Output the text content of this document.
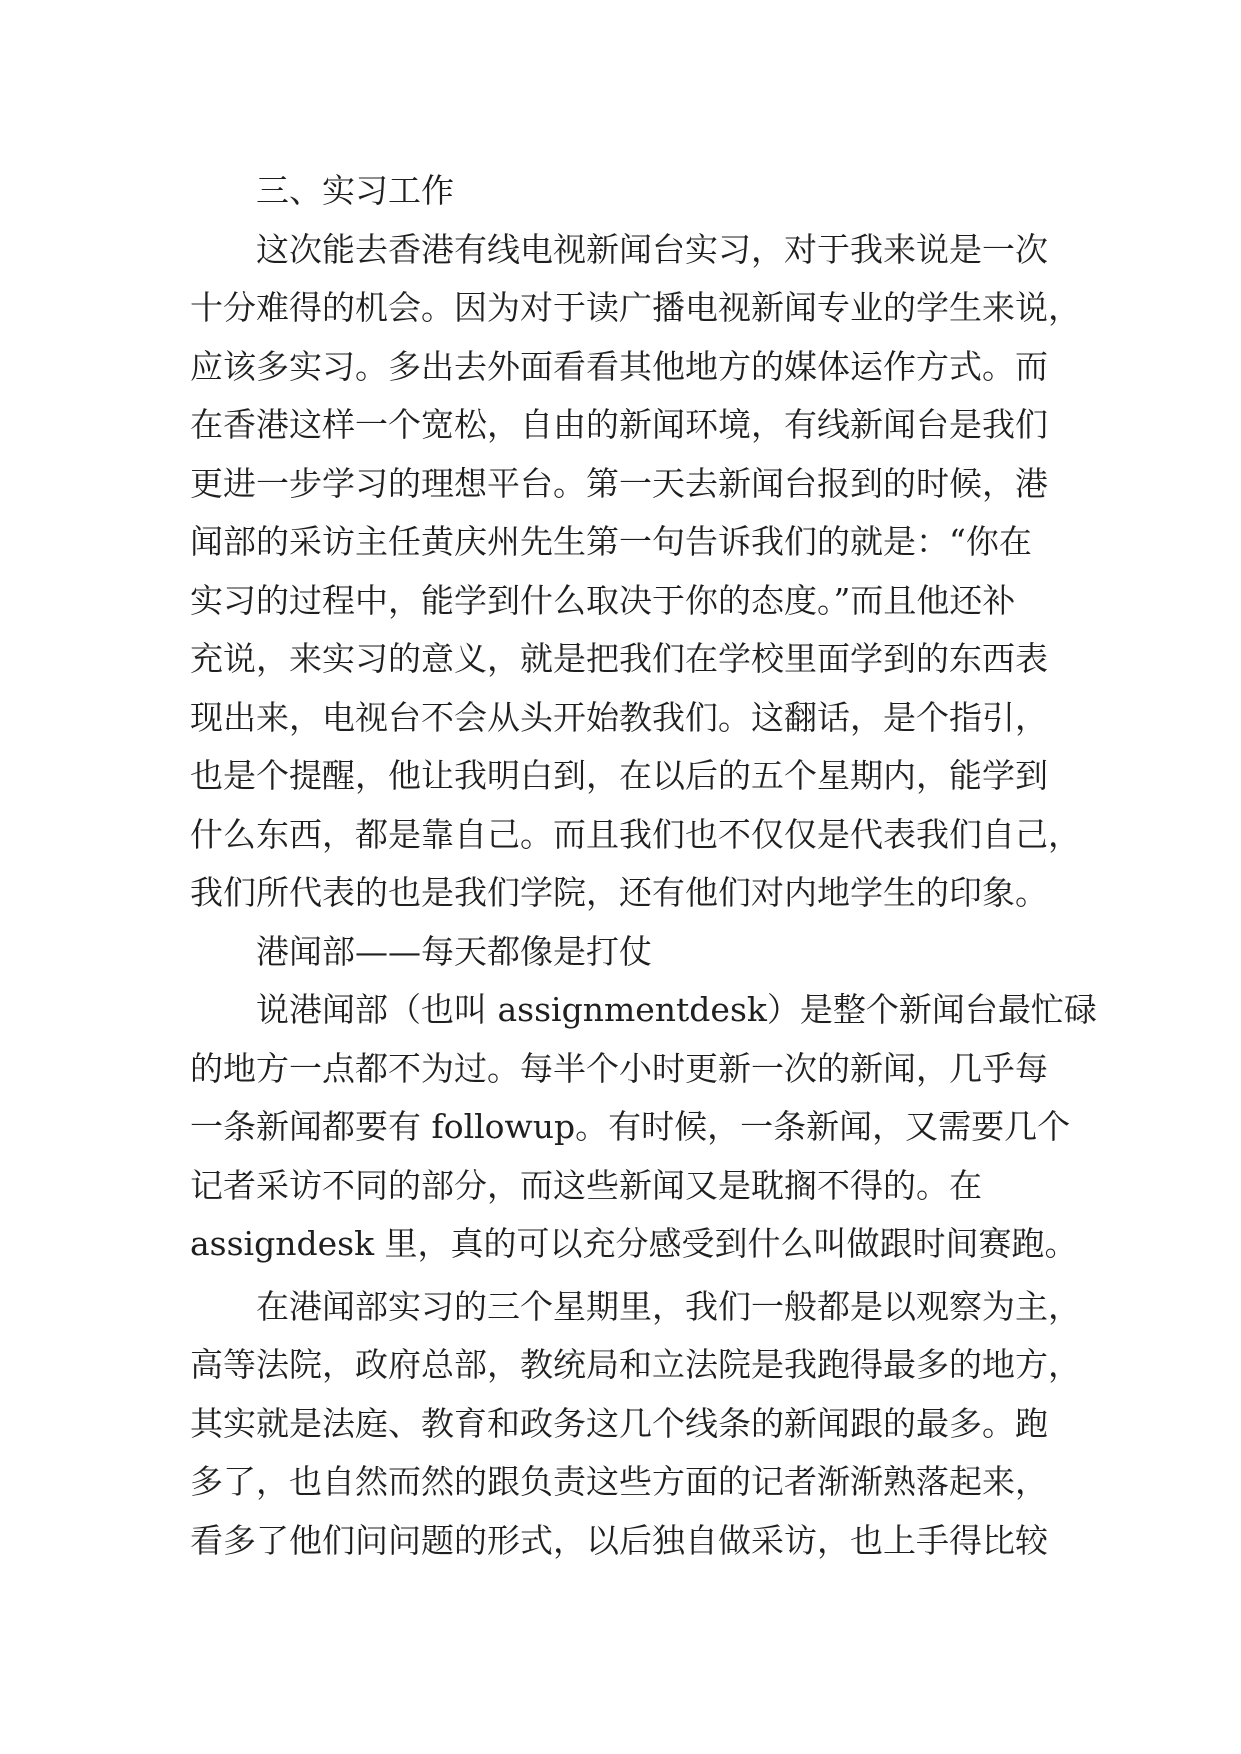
三、实习工作
这次能去香港有线电视新闻台实习，对于我来说是一次
十分难得的机会。因为对于读广播电视新闻专业的学生来说，
应该多实习。多出去外面看看其他地方的媒体运作方式。而
在香港这样一个宽松，自由的新闻环境，有线新闻台是我们
更进一步学习的理想平台。第一天去新闻台报到的时候，港
闻部的采访主任黄庆州先生第一句告诉我们的就是：“你在
实习的过程中，能学到什么取决于你的态度。”而且他还补
充说，来实习的意义，就是把我们在学校里面学到的东西表
现出来，电视台不会从头开始教我们。这翻话，是个指引，
也是个提醒，他让我明白到，在以后的五个星期内，能学到
什么东西，都是靠自己。而且我们也不仅仅是代表我们自己，
我们所代表的也是我们学院，还有他们对内地学生的印象。
港闻部——每天都像是打仗
说港闻部（也叫 assignmentdesk）是整个新闻台最忙碌
的地方一点都不为过。每半个小时更新一次的新闻，几乎每
一条新闻都要有 followup。有时候，一条新闻，又需要几个
记者采访不同的部分，而这些新闻又是耽搁不得的。在
assigndesk 里，真的可以充分感受到什么叫做跟时间赛跑。
在港闻部实习的三个星期里，我们一般都是以观察为主，
高等法院，政府总部，教统局和立法院是我跑得最多的地方，
其实就是法庭、教育和政务这几个线条的新闻跟的最多。跑
多了，也自然而然的跟负责这些方面的记者渐渐熟落起来，
看多了他们问问题的形式，以后独自做采访，也上手得比较
